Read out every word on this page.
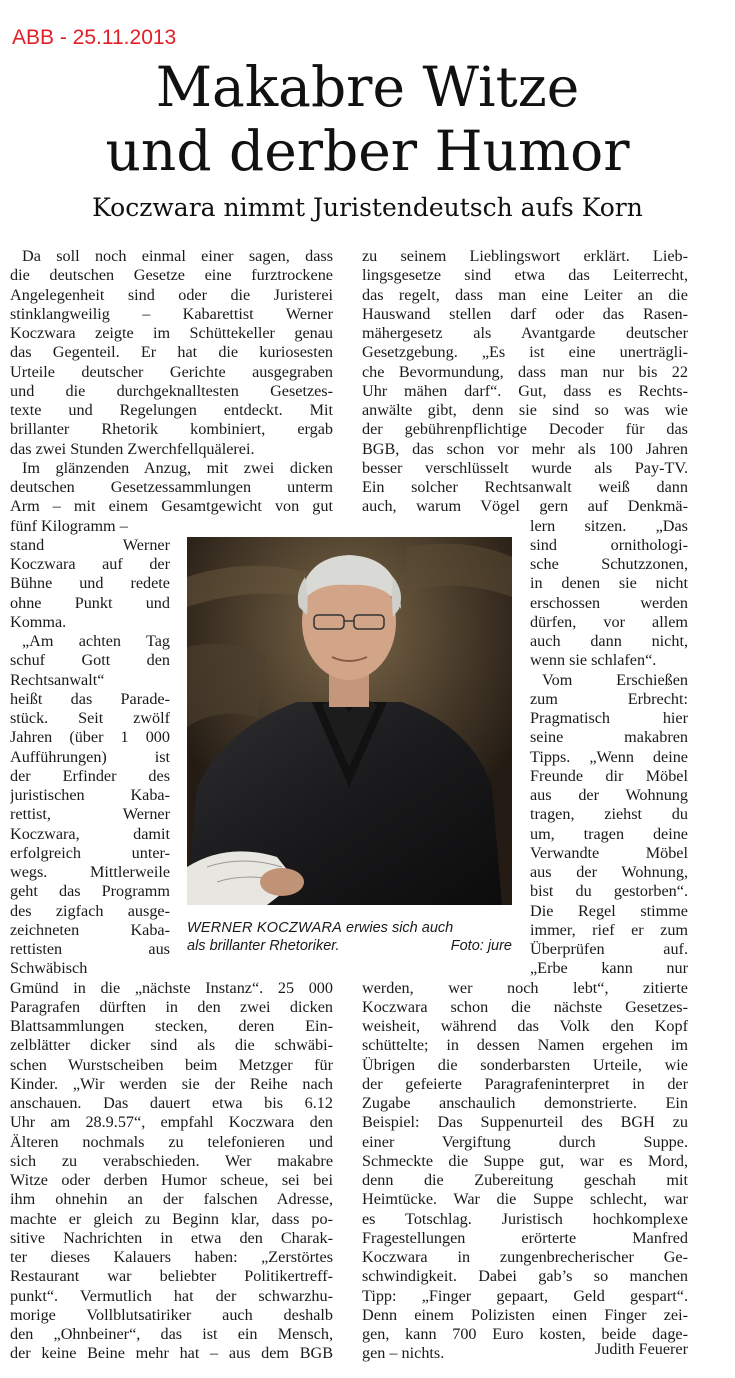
ABB - 25.11.2013
Makabre Witze
und derber Humor
Koczwara nimmt Juristendeutsch aufs Korn
Da soll noch einmal einer sagen, dass
die deutschen Gesetze eine furztrockene
Angelegenheit sind oder die Juristerei
stinklangweilig – Kabarettist Werner
Koczwara zeigte im Schüttekeller genau
das Gegenteil. Er hat die kuriosesten
Urteile deutscher Gerichte ausgegraben
und die durchgeknalltesten Gesetzes-
texte und Regelungen entdeckt. Mit
brillanter Rhetorik kombiniert, ergab
das zwei Stunden Zwerchfellquälerei.
Im glänzenden Anzug, mit zwei dicken
deutschen Gesetzessammlungen unterm
Arm – mit einem Gesamtgewicht von gut
fünf Kilogramm –
stand Werner
Koczwara auf der
Bühne und redete
ohne Punkt und
Komma.
„Am achten Tag
schuf Gott den
Rechtsanwalt“
heißt das Parade-
stück. Seit zwölf
Jahren (über 1 000
Aufführungen) ist
der Erfinder des
juristischen Kaba-
rettist, Werner
Koczwara, damit
erfolgreich unter-
wegs. Mittlerweile
geht das Programm
des zigfach ausge-
zeichneten Kaba-
rettisten aus
Schwäbisch
Gmünd in die „nächste Instanz“. 25 000
Paragrafen dürften in den zwei dicken
Blattsammlungen stecken, deren Ein-
zelblätter dicker sind als die schwäbi-
schen Wurstscheiben beim Metzger für
Kinder. „Wir werden sie der Reihe nach
anschauen. Das dauert etwa bis 6.12
Uhr am 28.9.57“, empfahl Koczwara den
Älteren nochmals zu telefonieren und
sich zu verabschieden. Wer makabre
Witze oder derben Humor scheue, sei bei
ihm ohnehin an der falschen Adresse,
machte er gleich zu Beginn klar, dass po-
sitive Nachrichten in etwa den Charak-
ter dieses Kalauers haben: „Zerstörtes
Restaurant war beliebter Politikertreff-
punkt“. Vermutlich hat der schwarzhu-
morige Vollblutsatiriker auch deshalb
den „Ohnbeiner“, das ist ein Mensch,
der keine Beine mehr hat – aus dem BGB
zu seinem Lieblingswort erklärt. Lieb-
lingsgesetze sind etwa das Leiterrecht,
das regelt, dass man eine Leiter an die
Hauswand stellen darf oder das Rasen-
mähergesetz als Avantgarde deutscher
Gesetzgebung. „Es ist eine unerträgli-
che Bevormundung, dass man nur bis 22
Uhr mähen darf“. Gut, dass es Rechts-
anwälte gibt, denn sie sind so was wie
der gebührenpflichtige Decoder für das
BGB, das schon vor mehr als 100 Jahren
besser verschlüsselt wurde als Pay-TV.
Ein solcher Rechtsanwalt weiß dann
auch, warum Vögel gern auf Denkmä-
lern sitzen. „Das
sind ornithologi-
sche Schutzzonen,
in denen sie nicht
erschossen werden
dürfen, vor allem
auch dann nicht,
wenn sie schlafen“.
Vom Erschießen
zum Erbrecht:
Pragmatisch hier
seine makabren
Tipps. „Wenn deine
Freunde dir Möbel
aus der Wohnung
tragen, ziehst du
um, tragen deine
Verwandte Möbel
aus der Wohnung,
bist du gestorben“.
Die Regel stimme
immer, rief er zum
Überprüfen auf.
„Erbe kann nur
werden, wer noch lebt“, zitierte
Koczwara schon die nächste Gesetzes-
weisheit, während das Volk den Kopf
schüttelte; in dessen Namen ergehen im
Übrigen die sonderbarsten Urteile, wie
der gefeierte Paragrafeninterpret in der
Zugabe anschaulich demonstrierte. Ein
Beispiel: Das Suppenurteil des BGH zu
einer Vergiftung durch Suppe.
Schmeckte die Suppe gut, war es Mord,
denn die Zubereitung geschah mit
Heimtücke. War die Suppe schlecht, war
es Totschlag. Juristisch hochkomplexe
Fragestellungen erörterte Manfred
Koczwara in zungenbrecherischer Ge-
schwindigkeit. Dabei gab’s so manchen
Tipp: „Finger gepaart, Geld gespart“.
Denn einem Polizisten einen Finger zei-
gen, kann 700 Euro kosten, beide dage-
gen – nichts.
WERNER KOCZWARA erwies sich auch
als brillanter Rhetoriker.	Foto: jure
Judith Feuerer
